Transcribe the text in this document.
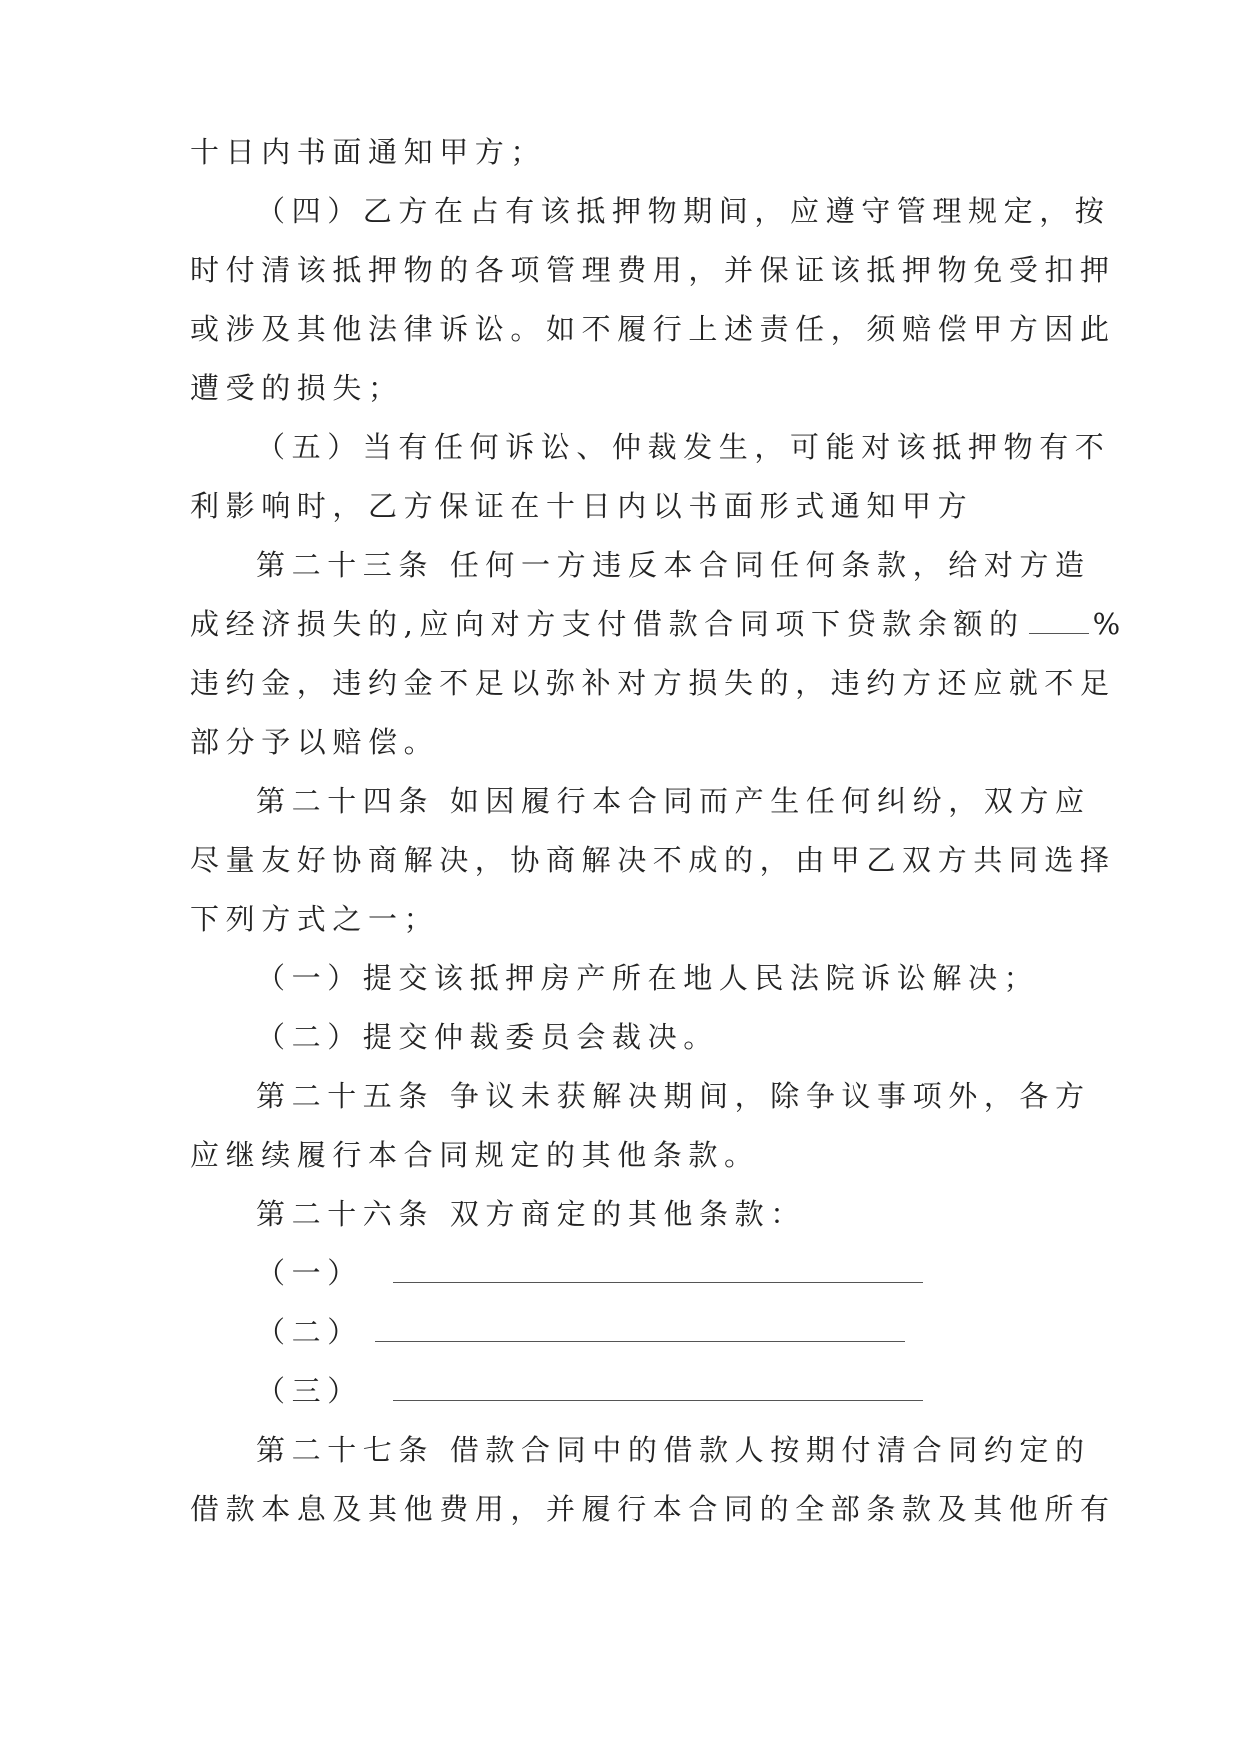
十日内书面通知甲方；
（四）乙方在占有该抵押物期间，应遵守管理规定，按
时付清该抵押物的各项管理费用，并保证该抵押物免受扣押
或涉及其他法律诉讼。如不履行上述责任，须赔偿甲方因此
遭受的损失；
（五）当有任何诉讼、仲裁发生，可能对该抵押物有不
利影响时，乙方保证在十日内以书面形式通知甲方
第二十三条 任何一方违反本合同任何条款，给对方造
成经济损失的,应向对方支付借款合同项下贷款余额的 %
违约金，违约金不足以弥补对方损失的，违约方还应就不足
部分予以赔偿。
第二十四条 如因履行本合同而产生任何纠纷，双方应
尽量友好协商解决，协商解决不成的，由甲乙双方共同选择
下列方式之一；
（一）提交该抵押房产所在地人民法院诉讼解决；
（二）提交仲裁委员会裁决。
第二十五条 争议未获解决期间，除争议事项外，各方
应继续履行本合同规定的其他条款。
第二十六条 双方商定的其他条款：
（一）
（二）
（三）
第二十七条 借款合同中的借款人按期付清合同约定的
借款本息及其他费用，并履行本合同的全部条款及其他所有
